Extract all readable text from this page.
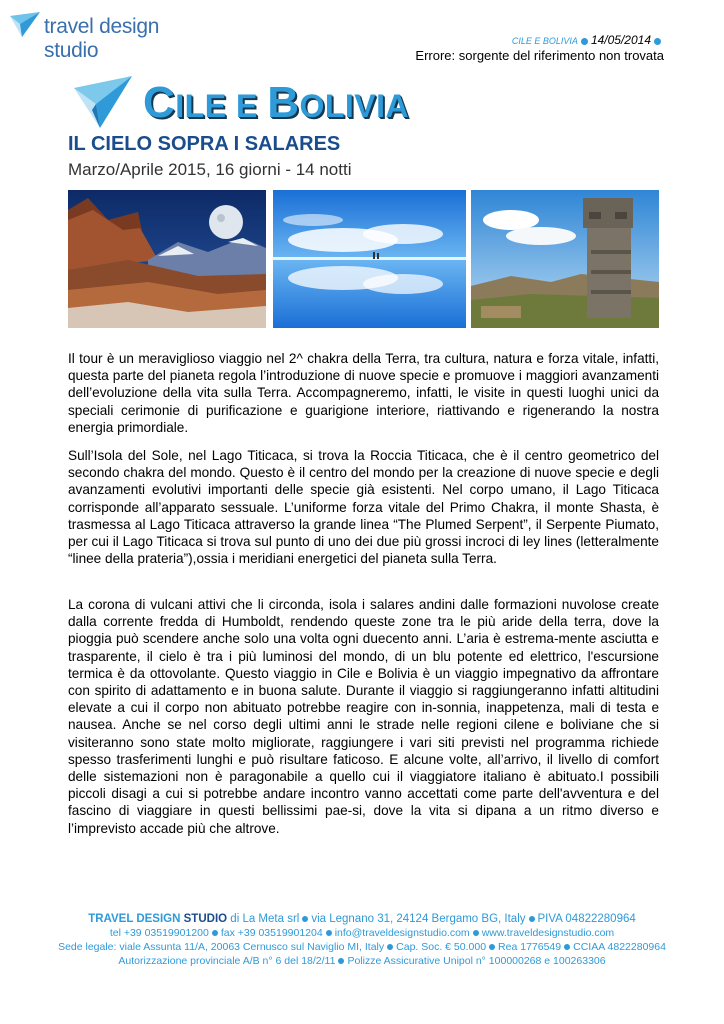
travel design studio	CILE E BOLIVIA 14/05/2014
Errore: sorgente del riferimento non trovata
CILE E BOLIVIA
IL CIELO SOPRA I SALARES
Marzo/Aprile 2015, 16 giorni - 14 notti
Il tour è un meraviglioso viaggio nel 2^ chakra della Terra, tra cultura, natura e forza vitale, infatti, questa parte del pianeta regola l’introduzione di nuove specie e promuove i maggiori avanzamenti dell’evoluzione della vita sulla Terra. Accompagneremo, infatti, le visite in questi luoghi unici da speciali cerimonie di purificazione e guarigione interiore, riattivando e rigenerando la nostra energia primordiale.
Sull’Isola del Sole, nel Lago Titicaca, si trova la Roccia Titicaca, che è il centro geometrico del secondo chakra del mondo. Questo è il centro del mondo per la creazione di nuove specie e degli avanzamenti evolutivi importanti delle specie già esistenti. Nel corpo umano, il Lago Titicaca corrisponde all’apparato sessuale. L’uniforme forza vitale del Primo Chakra, il monte Shasta, è trasmessa al Lago Titicaca attraverso la grande linea “The Plumed Serpent”, il Serpente Piumato, per cui il Lago Titicaca si trova sul punto di uno dei due più grossi incroci di ley lines (letteralmente “linee della prateria”),ossia i meridiani energetici del pianeta sulla Terra.
La corona di vulcani attivi che li circonda, isola i salares andini dalle formazioni nuvolose create dalla corrente fredda di Humboldt, rendendo queste zone tra le più aride della terra, dove la pioggia può scendere anche solo una volta ogni duecento anni. L’aria è estrema-mente asciutta e trasparente, il cielo è tra i più luminosi del mondo, di un blu potente ed elettrico, l'escursione termica è da ottovolante. Questo viaggio in Cile e Bolivia è un viaggio impegnativo da affrontare con spirito di adattamento e in buona salute. Durante il viaggio si raggiungeranno infatti altitudini elevate a cui il corpo non abituato potrebbe reagire con in-sonnia, inappetenza, mali di testa e nausea. Anche se nel corso degli ultimi anni le strade nelle regioni cilene e boliviane che si visiteranno sono state molto migliorate, raggiungere i vari siti previsti nel programma richiede spesso trasferimenti lunghi e può risultare faticoso. E alcune volte, all’arrivo, il livello di comfort delle sistemazioni non è paragonabile a quello cui il viaggiatore italiano è abituato.I possibili piccoli disagi a cui si potrebbe andare incontro vanno accettati come parte dell'avventura e del fascino di viaggiare in questi bellissimi pae-si, dove la vita si dipana a un ritmo diverso e l’imprevisto accade più che altrove.
TRAVEL DESIGN STUDIO di La Meta srl via Legnano 31, 24124 Bergamo BG, Italy PIVA 04822280964
tel +39 03519901200 fax +39 03519901204 info@traveldesignstudio.com www.traveldesignstudio.com
Sede legale: viale Assunta 11/A, 20063 Cernusco sul Naviglio MI, Italy Cap. Soc. € 50.000 Rea 1776549 CCIAA 4822280964
Autorizzazione provinciale A/B n° 6 del 18/2/11 Polizze Assicurative Unipol n° 100000268 e 100263306
